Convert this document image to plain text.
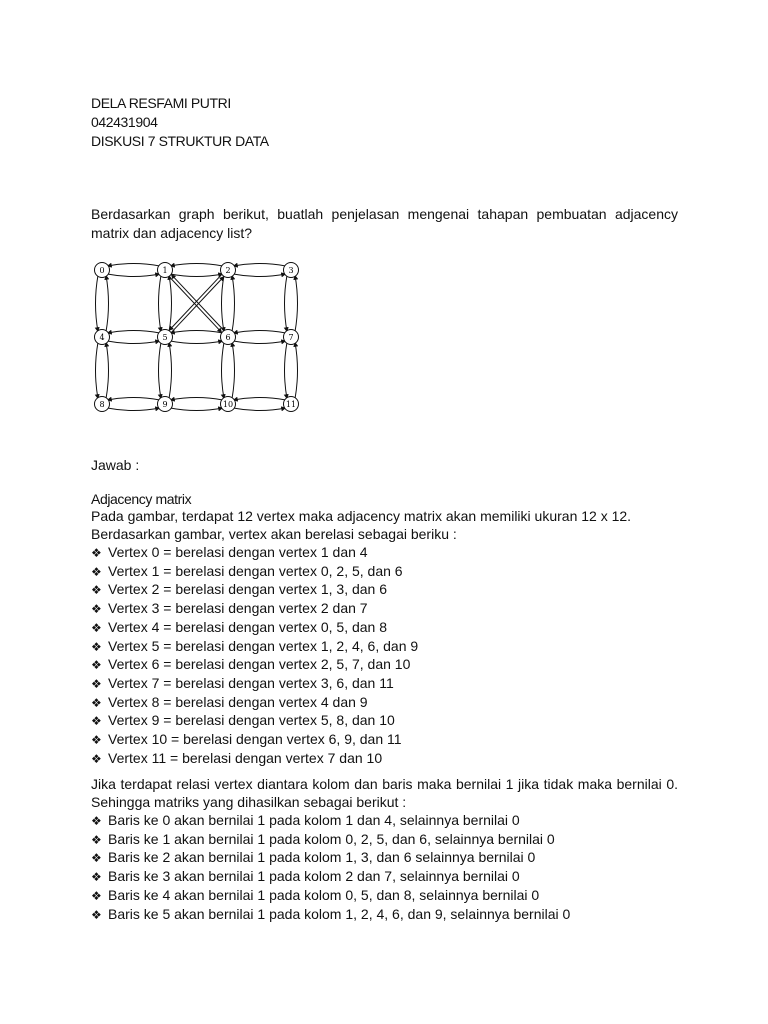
DELA RESFAMI PUTRI
042431904
DISKUSI 7 STRUKTUR DATA
Berdasarkan graph berikut, buatlah penjelasan mengenai tahapan pembuatan adjacency matrix dan adjacency list?
0	1	2	3
4	5	6	7
8	9	10	11
Jawab :
Adjacency matrix
Pada gambar, terdapat 12 vertex maka adjacency matrix akan memiliki ukuran 12 x 12.
Berdasarkan gambar, vertex akan berelasi sebagai beriku :
❖ Vertex 0 = berelasi dengan vertex 1 dan 4
❖ Vertex 1 = berelasi dengan vertex 0, 2, 5, dan 6
❖ Vertex 2 = berelasi dengan vertex 1, 3, dan 6
❖ Vertex 3 = berelasi dengan vertex 2 dan 7
❖ Vertex 4 = berelasi dengan vertex 0, 5, dan 8
❖ Vertex 5 = berelasi dengan vertex 1, 2, 4, 6, dan 9
❖ Vertex 6 = berelasi dengan vertex 2, 5, 7, dan 10
❖ Vertex 7 = berelasi dengan vertex 3, 6, dan 11
❖ Vertex 8 = berelasi dengan vertex 4 dan 9
❖ Vertex 9 = berelasi dengan vertex 5, 8, dan 10
❖ Vertex 10 = berelasi dengan vertex 6, 9, dan 11
❖ Vertex 11 = berelasi dengan vertex 7 dan 10
Jika terdapat relasi vertex diantara kolom dan baris maka bernilai 1 jika tidak maka bernilai 0. Sehingga matriks yang dihasilkan sebagai berikut :
❖ Baris ke 0 akan bernilai 1 pada kolom 1 dan 4, selainnya bernilai 0
❖ Baris ke 1 akan bernilai 1 pada kolom 0, 2, 5, dan 6, selainnya bernilai 0
❖ Baris ke 2 akan bernilai 1 pada kolom 1, 3, dan 6 selainnya bernilai 0
❖ Baris ke 3 akan bernilai 1 pada kolom 2 dan 7, selainnya bernilai 0
❖ Baris ke 4 akan bernilai 1 pada kolom 0, 5, dan 8, selainnya bernilai 0
❖ Baris ke 5 akan bernilai 1 pada kolom 1, 2, 4, 6, dan 9, selainnya bernilai 0
